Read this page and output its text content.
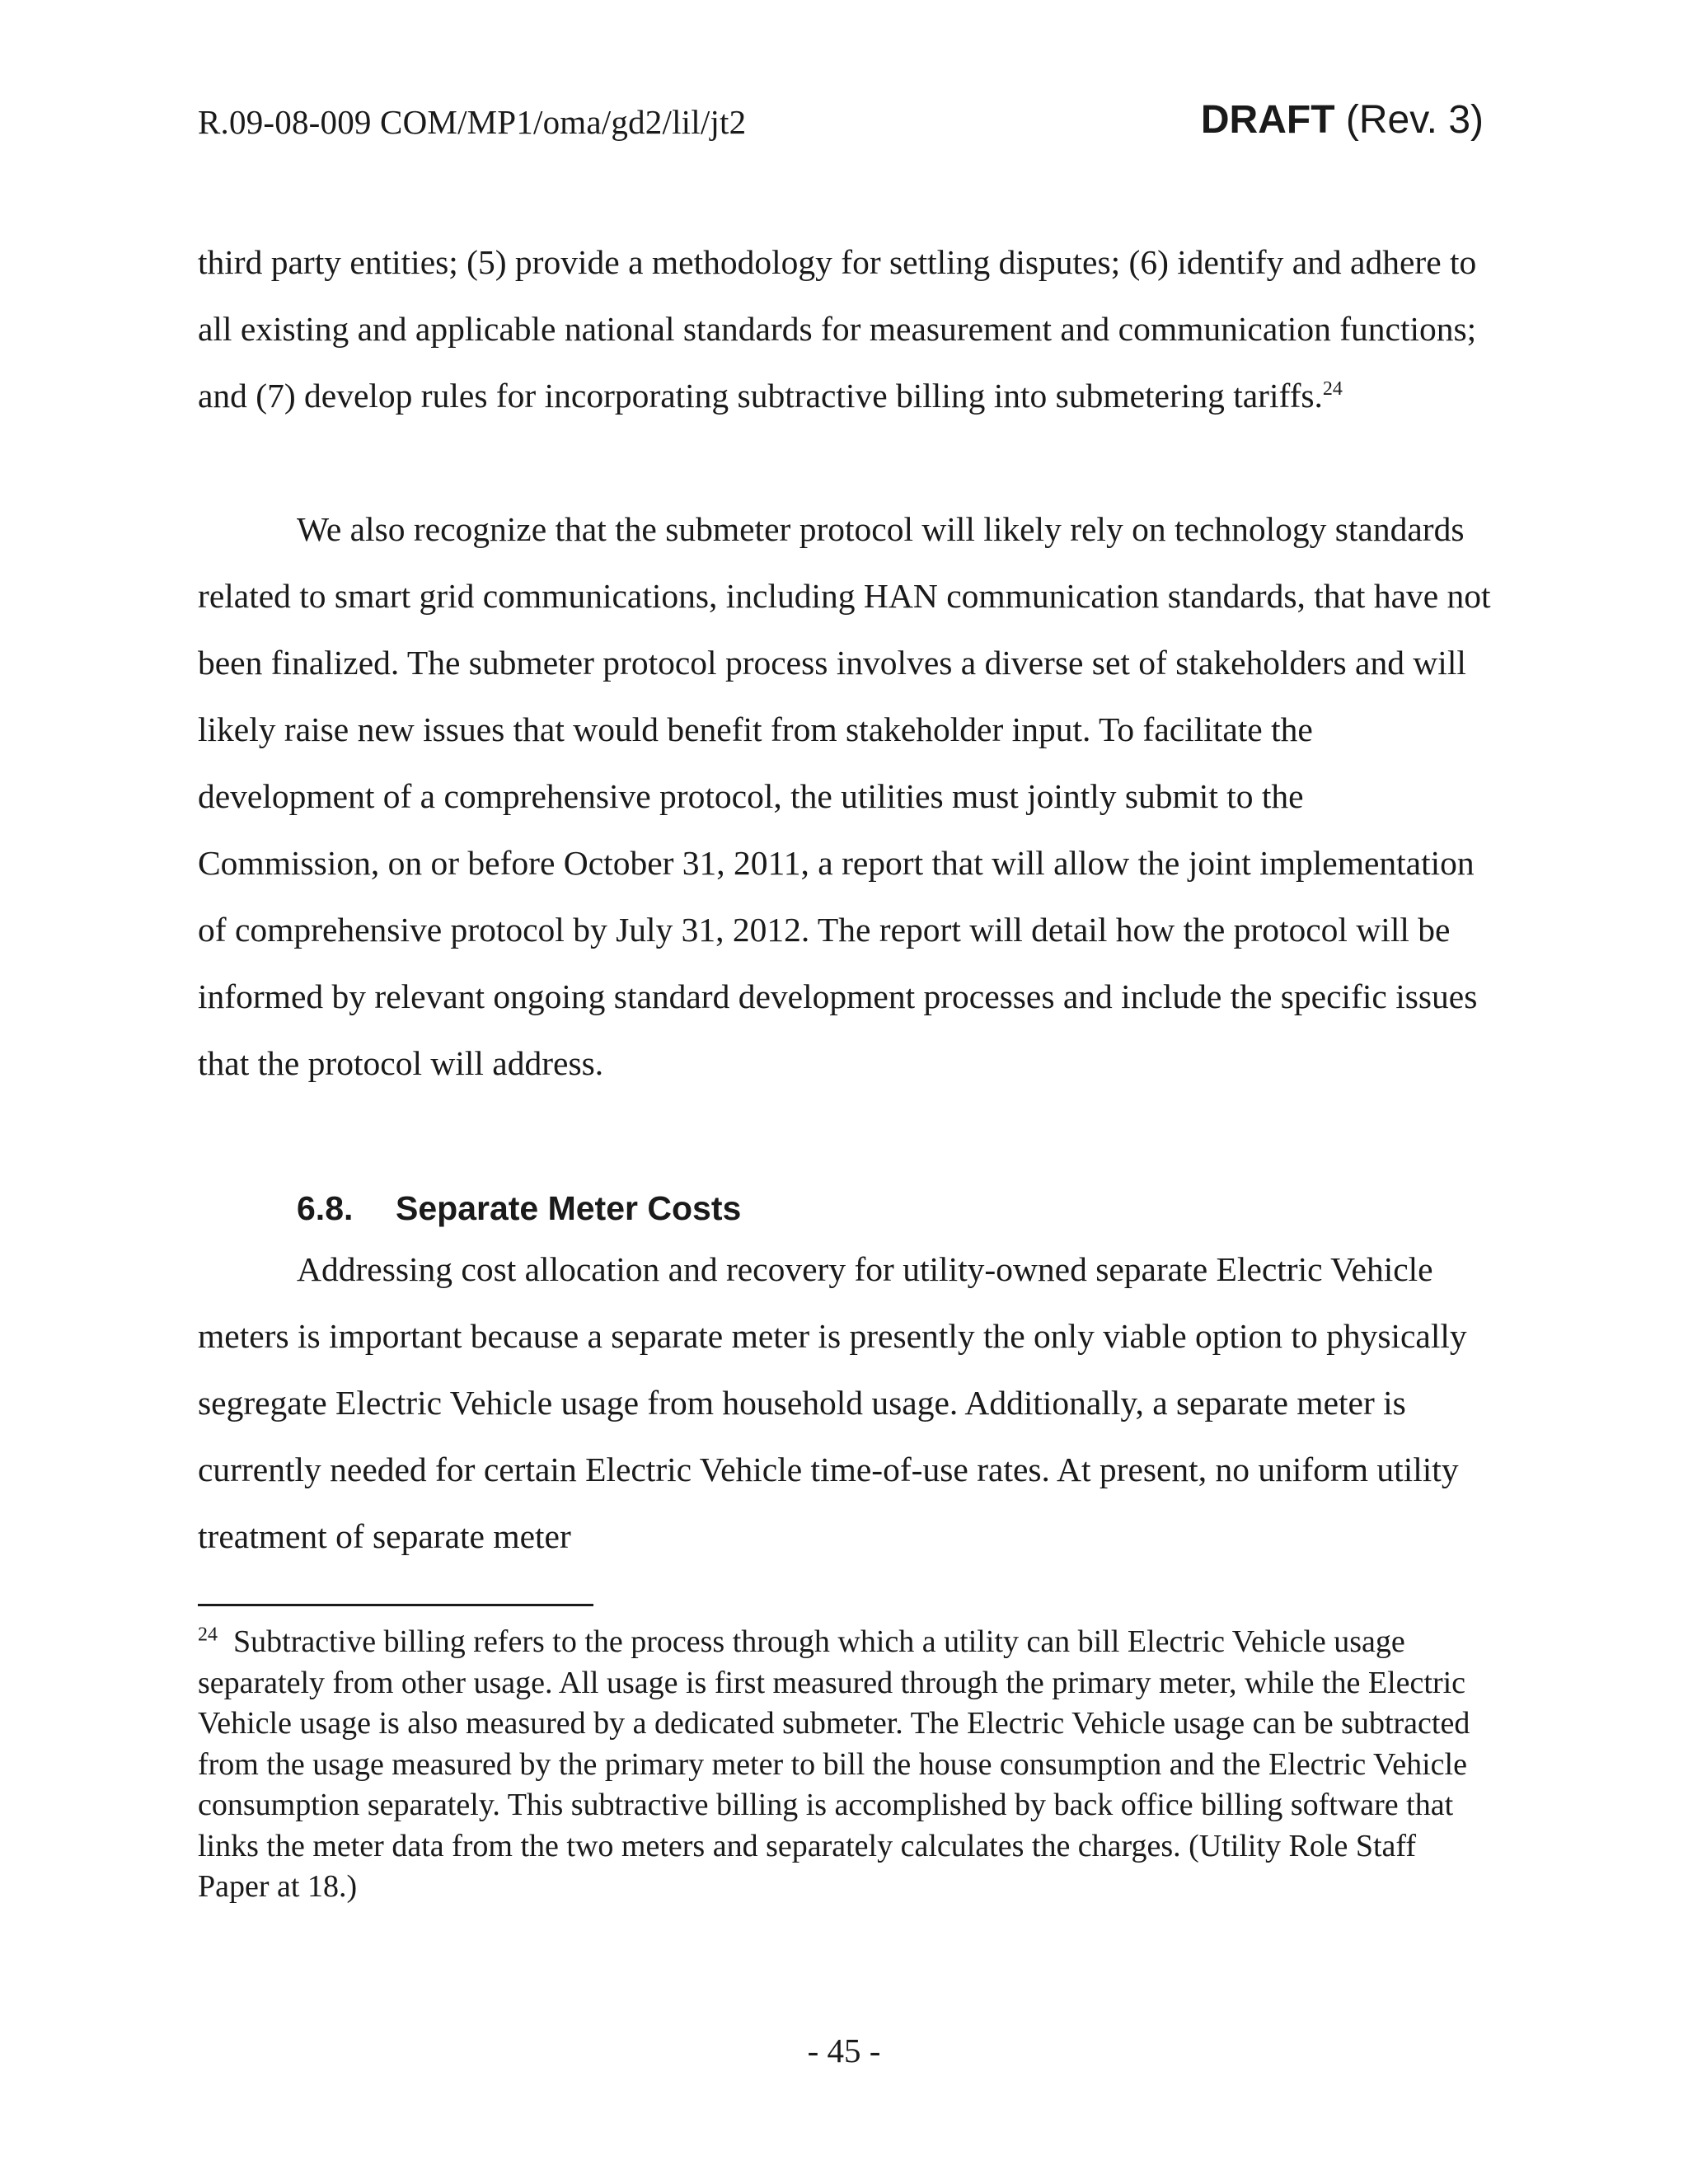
R.09-08-009 COM/MP1/oma/gd2/lil/jt2	DRAFT (Rev. 3)

third party entities; (5) provide a methodology for settling disputes; (6) identify and adhere to all existing and applicable national standards for measurement and communication functions; and (7) develop rules for incorporating subtractive billing into submetering tariffs.$^{24}$

We also recognize that the submeter protocol will likely rely on technology standards related to smart grid communications, including HAN communication standards, that have not been finalized. The submeter protocol process involves a diverse set of stakeholders and will likely raise new issues that would benefit from stakeholder input. To facilitate the development of a comprehensive protocol, the utilities must jointly submit to the Commission, on or before October 31, 2011, a report that will allow the joint implementation of comprehensive protocol by July 31, 2012. The report will detail how the protocol will be informed by relevant ongoing standard development processes and include the specific issues that the protocol will address.

6.8. Separate Meter Costs

Addressing cost allocation and recovery for utility-owned separate Electric Vehicle meters is important because a separate meter is presently the only viable option to physically segregate Electric Vehicle usage from household usage. Additionally, a separate meter is currently needed for certain Electric Vehicle time-of-use rates. At present, no uniform utility treatment of separate meter

$^{24}$ Subtractive billing refers to the process through which a utility can bill Electric Vehicle usage separately from other usage. All usage is first measured through the primary meter, while the Electric Vehicle usage is also measured by a dedicated submeter. The Electric Vehicle usage can be subtracted from the usage measured by the primary meter to bill the house consumption and the Electric Vehicle consumption separately. This subtractive billing is accomplished by back office billing software that links the meter data from the two meters and separately calculates the charges. (Utility Role Staff Paper at 18.)

- 45 -
